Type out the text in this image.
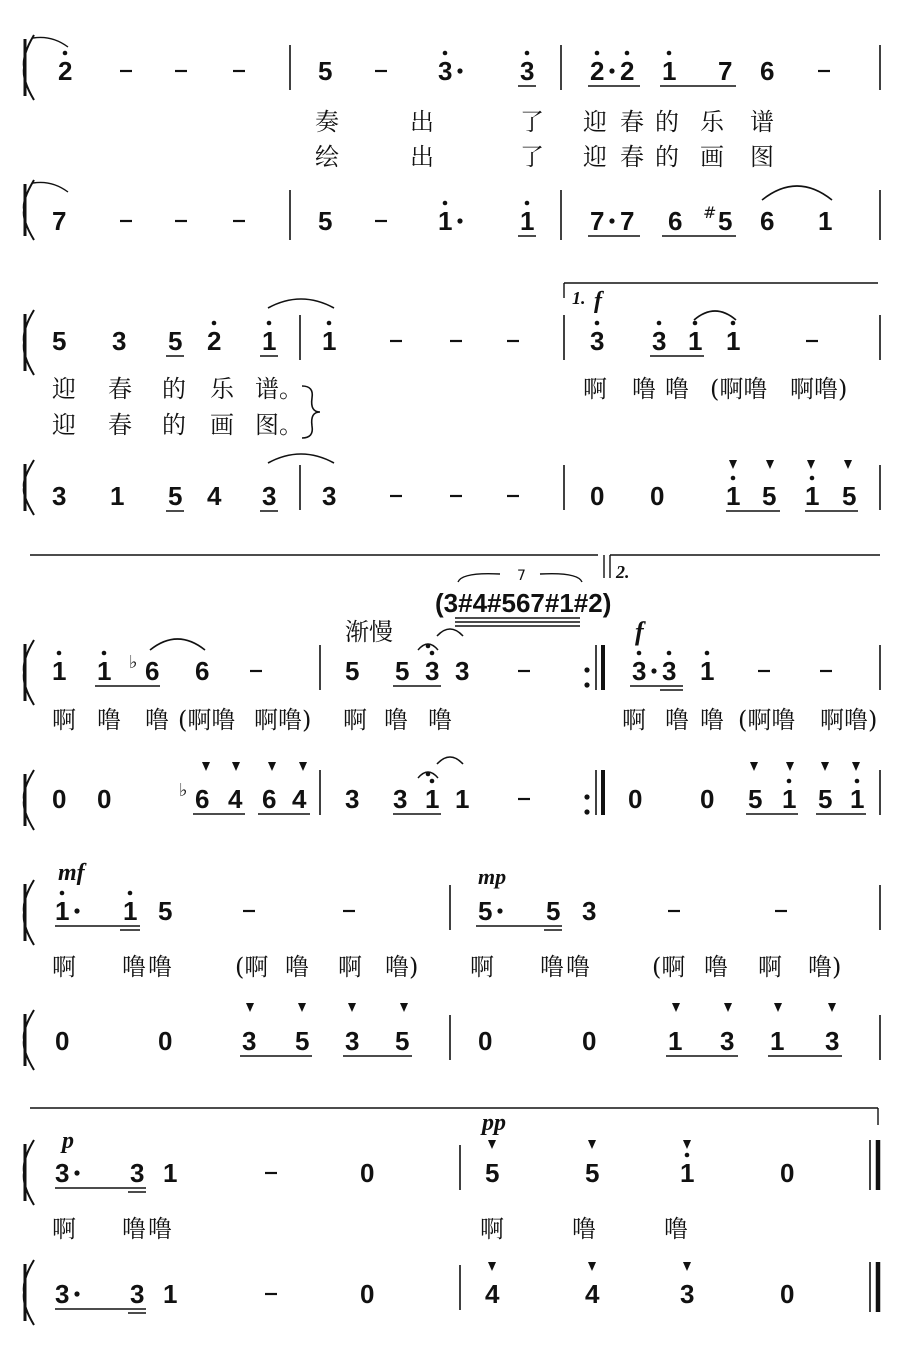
2	5	3	3 2 2 1 7 6
奏	出	了 迎 春 的 乐 谱
绘	出	了 迎 春 的 画 图
7	5	1	1 7 7 6 # 5 6 1
5 3 5 2 1 1
1. f
3 3 1 1
迎 春 的 乐 谱。
迎 春 的 画 图。
啊 噜 噜 (啊噜 啊噜)
3 1 5 4 3 3	0 0 1 5 1 5
2.
1 1 ♭ 6 6
渐慢
5 5 3 3
(3#4#567#1#2)
7
f
3 3 1
啊 噜 噜 (啊噜 啊噜) 啊 噜 噜	啊 噜 噜 (啊噜 啊噜)
0 0	♭ 6 4 6 4 3 3 1 1	0 0 5 1 5 1
mf
1 1 5
mp
5 5 3
啊 噜 噜	(啊 噜 啊 噜) 啊 噜 噜	(啊 噜 啊 噜)
0	0	3 5 3 5	0	0	1 3 1 3
p
3 3 1	0
pp
5	5	1	0
啊 噜 噜	啊	噜	噜
3 3 1	0	4	4	3	0
